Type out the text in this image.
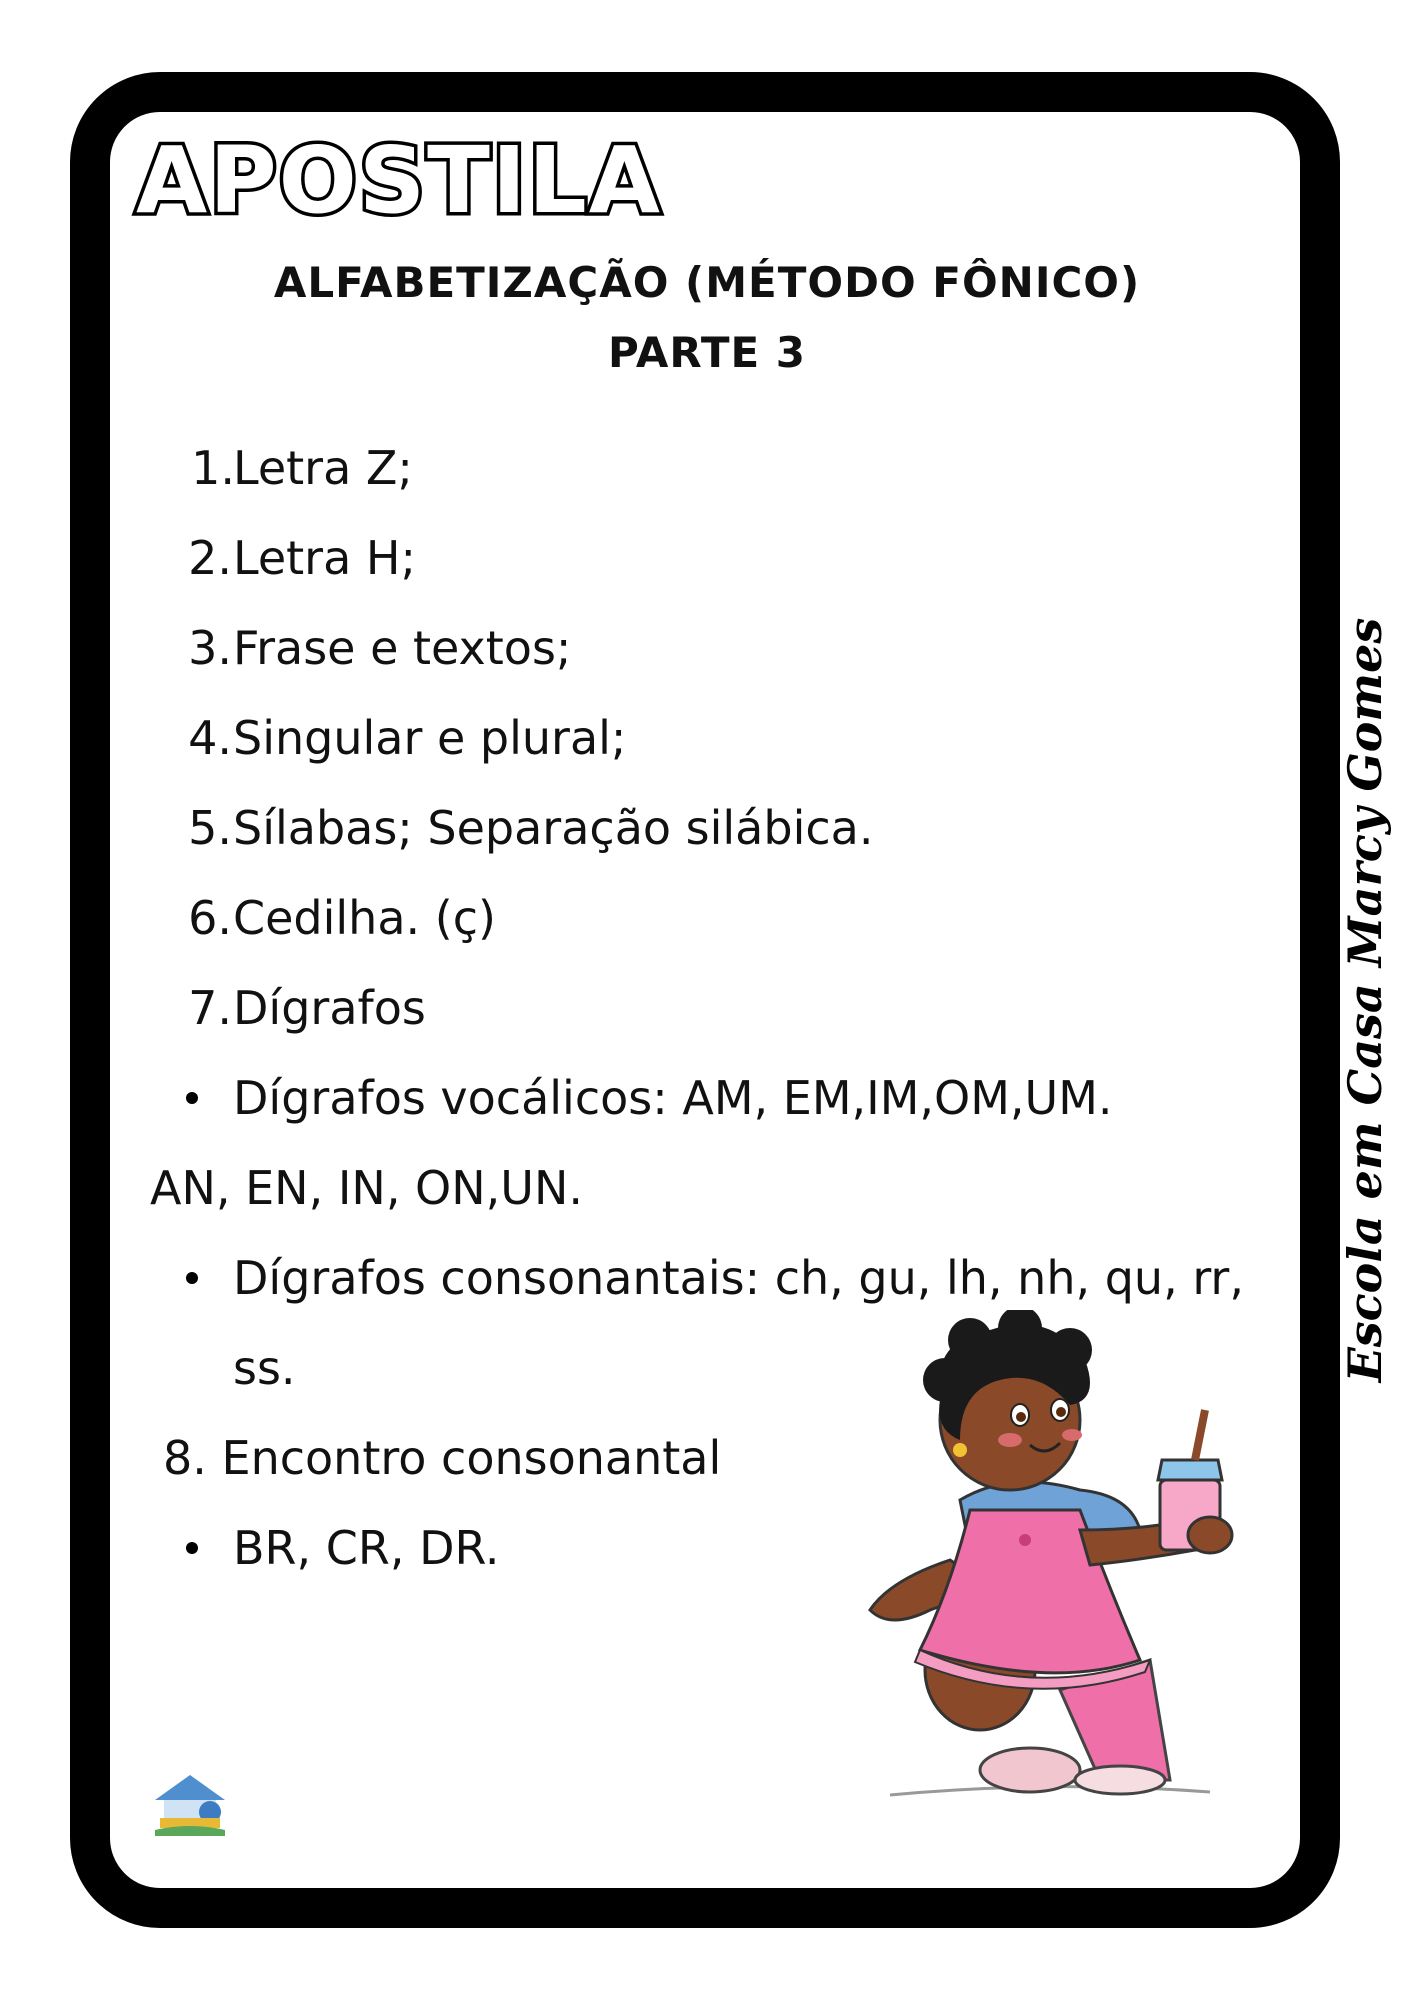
APOSTILA
ALFABETIZAÇÃO (MÉTODO FÔNICO)
PARTE 3
1.
Letra Z;
2. Letra H;
3. Frase e textos;
4. Singular e plural;
5. Sílabas; Separação silábica.
6. Cedilha. (ç)
7. Dígrafos
Dígrafos vocálicos: AM, EM,IM,OM,UM.
AN, EN, IN, ON,UN.
Dígrafos consonantais: ch, gu, lh, nh, qu, rr,
ss.
8. Encontro consonantal
BR, CR, DR.
Escola em Casa Marcy Gomes
